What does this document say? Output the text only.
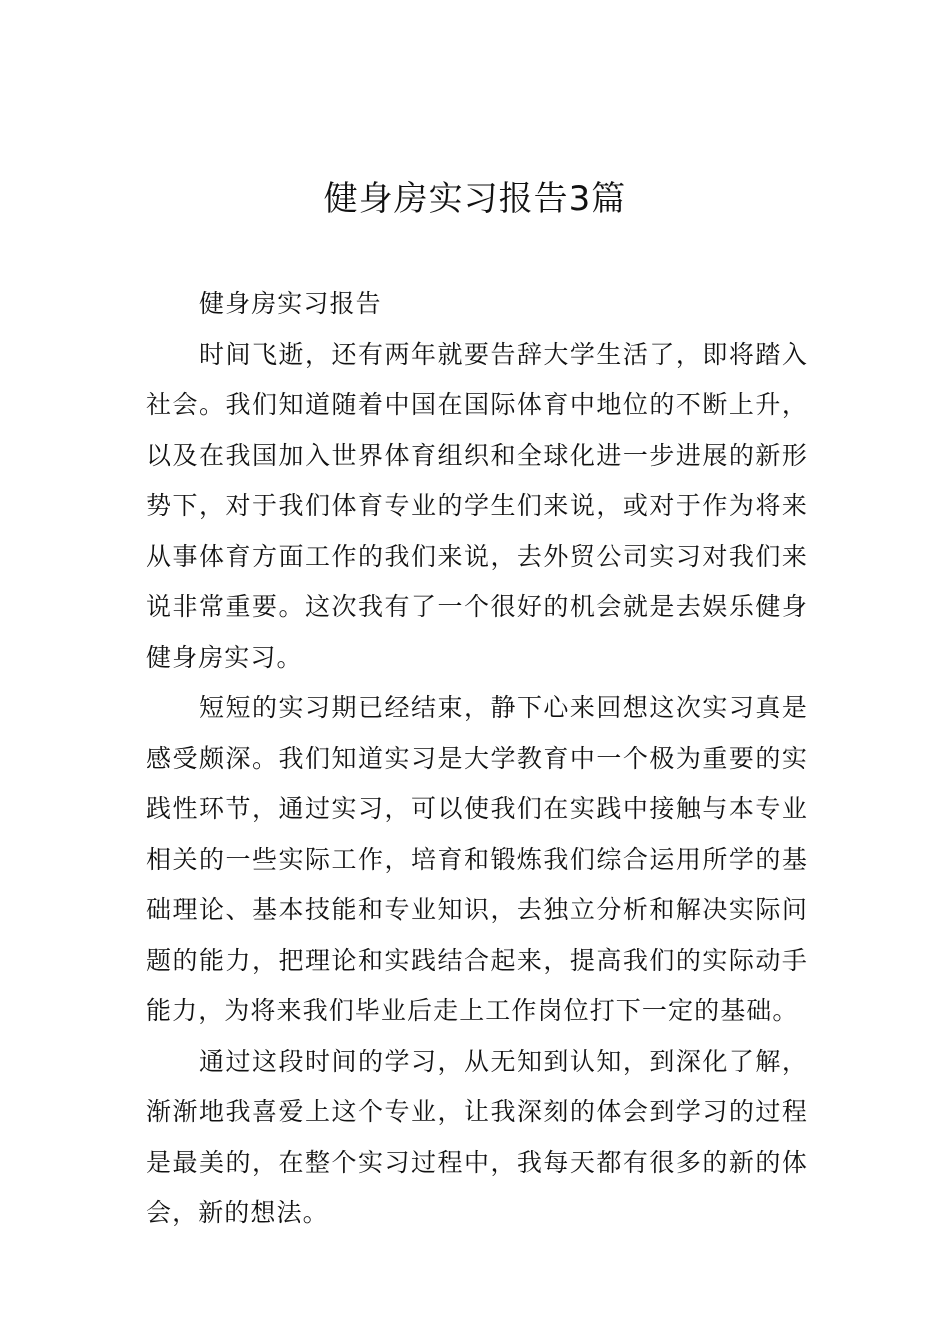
健身房实习报告3篇

健身房实习报告

时间飞逝，还有两年就要告辞大学生活了，即将踏入社会。我们知道随着中国在国际体育中地位的不断上升，以及在我国加入世界体育组织和全球化进一步进展的新形势下，对于我们体育专业的学生们来说，或对于作为将来从事体育方面工作的我们来说，去外贸公司实习对我们来说非常重要。这次我有了一个很好的机会就是去娱乐健身健身房实习。

短短的实习期已经结束，静下心来回想这次实习真是感受颇深。我们知道实习是大学教育中一个极为重要的实践性环节，通过实习，可以使我们在实践中接触与本专业相关的一些实际工作，培育和锻炼我们综合运用所学的基础理论、基本技能和专业知识，去独立分析和解决实际问题的能力，把理论和实践结合起来，提高我们的实际动手能力，为将来我们毕业后走上工作岗位打下一定的基础。

通过这段时间的学习，从无知到认知，到深化了解，渐渐地我喜爱上这个专业，让我深刻的体会到学习的过程是最美的，在整个实习过程中，我每天都有很多的新的体会，新的想法。
